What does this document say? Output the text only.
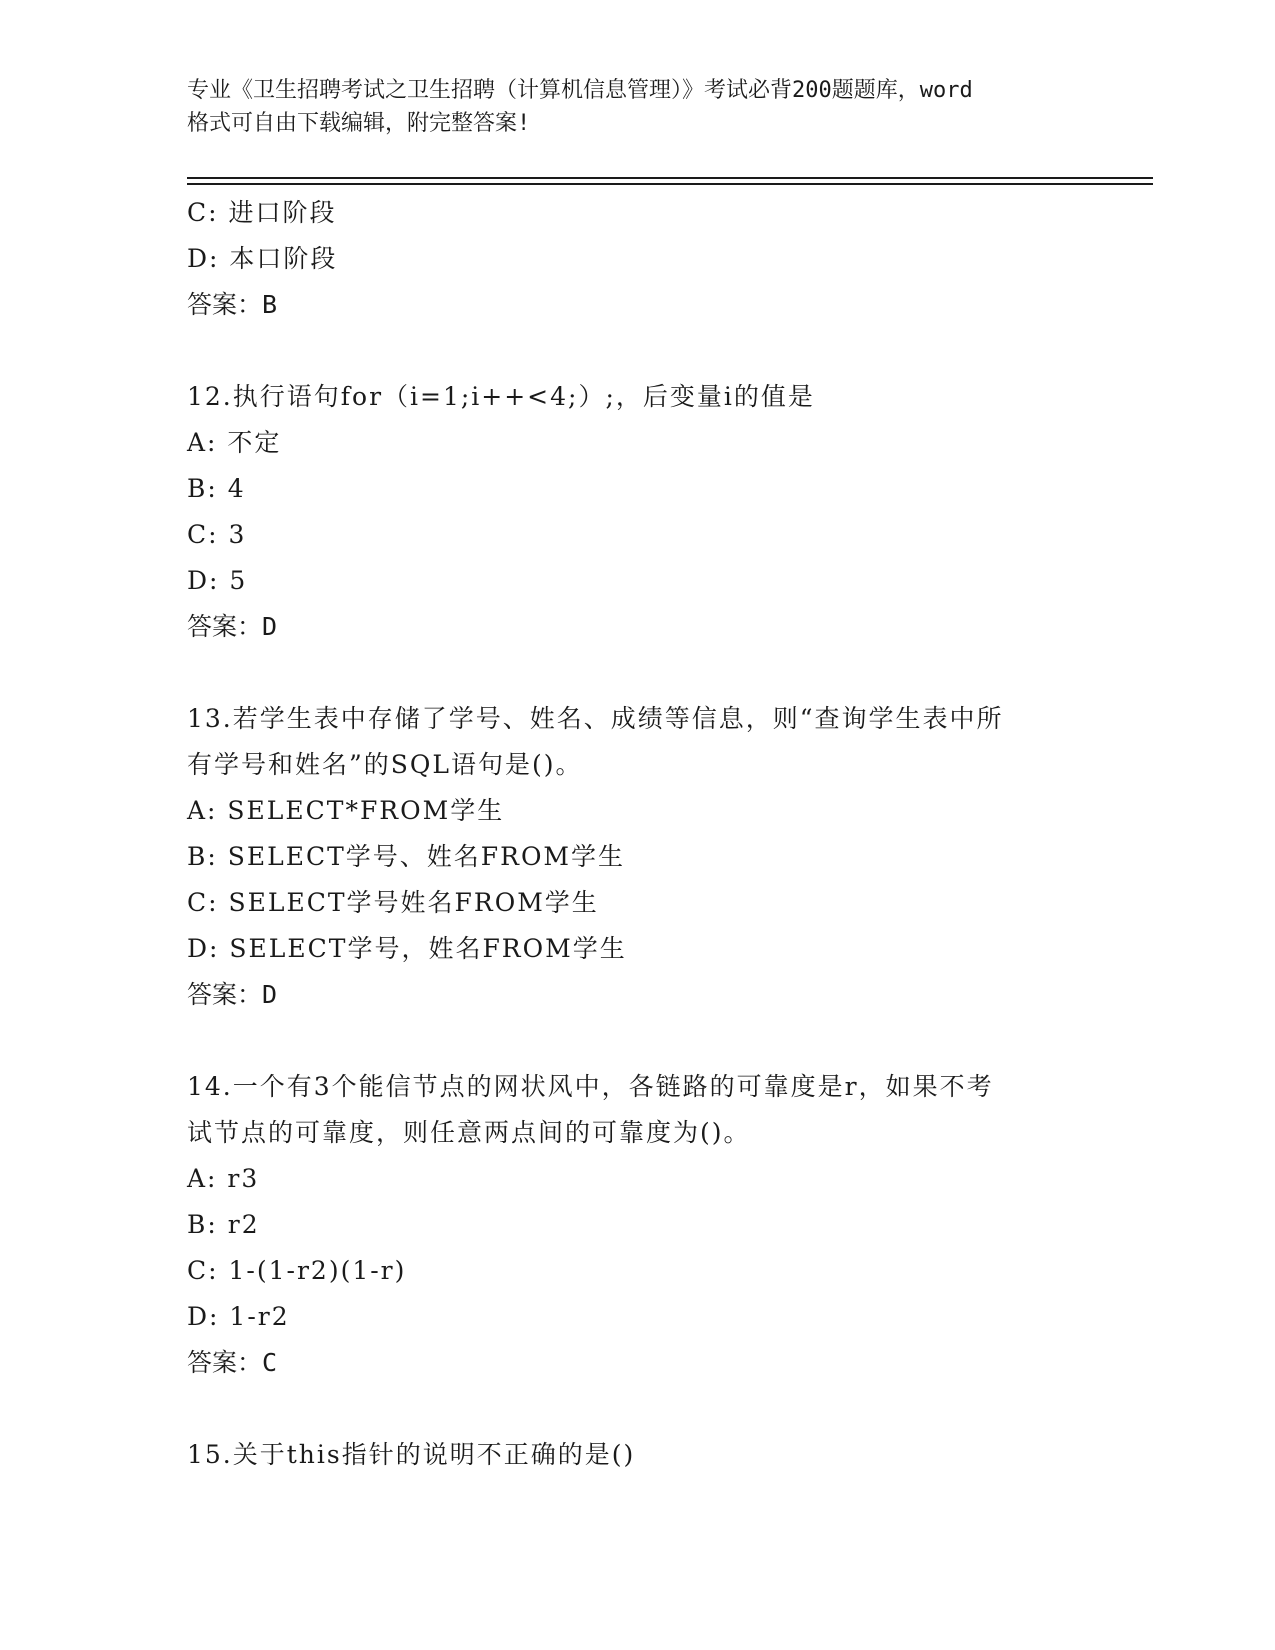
专业《卫生招聘考试之卫生招聘（计算机信息管理）》考试必背200题题库，word
格式可自由下载编辑，附完整答案!
C: 进口阶段
D: 本口阶段
答案：B
12.执行语句for（i=1;i++<4;）;，后变量i的值是
A: 不定
B: 4
C: 3
D: 5
答案：D
13.若学生表中存储了学号、姓名、成绩等信息，则“查询学生表中所
有学号和姓名”的SQL语句是()。
A: SELECT*FROM学生
B: SELECT学号、姓名FROM学生
C: SELECT学号姓名FROM学生
D: SELECT学号，姓名FROM学生
答案：D
14.一个有3个能信节点的网状风中，各链路的可靠度是r，如果不考
试节点的可靠度，则任意两点间的可靠度为()。
A: r3
B: r2
C: 1-(1-r2)(1-r)
D: 1-r2
答案：C
15.关于this指针的说明不正确的是()
